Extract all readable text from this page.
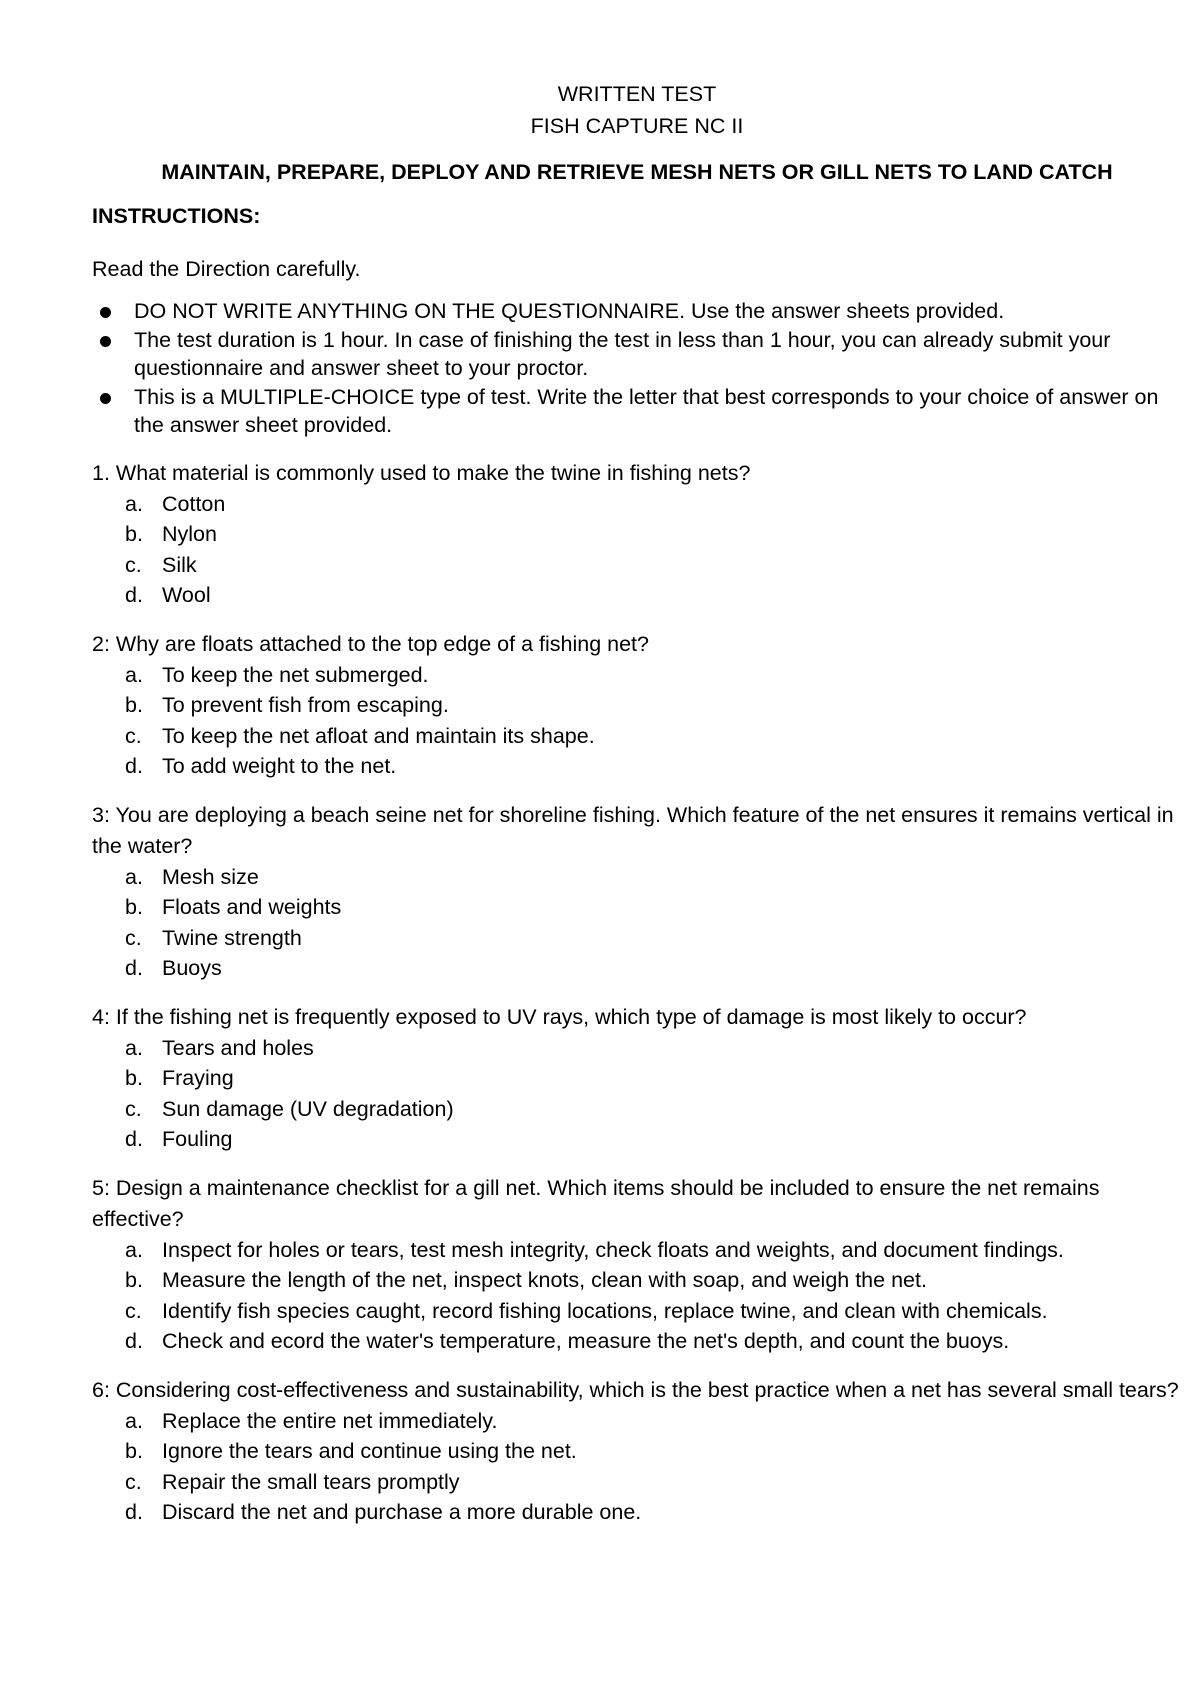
WRITTEN TEST
FISH CAPTURE NC II
MAINTAIN, PREPARE, DEPLOY AND RETRIEVE MESH NETS OR GILL NETS TO LAND CATCH
INSTRUCTIONS:
Read the Direction carefully.
DO NOT WRITE ANYTHING ON THE QUESTIONNAIRE. Use the answer sheets provided.
The test duration is 1 hour. In case of finishing the test in less than 1 hour, you can already submit your questionnaire and answer sheet to your proctor.
This is a MULTIPLE-CHOICE type of test. Write the letter that best corresponds to your choice of answer on the answer sheet provided.
1. What material is commonly used to make the twine in fishing nets?
a. Cotton
b. Nylon
c. Silk
d. Wool
2: Why are floats attached to the top edge of a fishing net?
a. To keep the net submerged.
b. To prevent fish from escaping.
c. To keep the net afloat and maintain its shape.
d. To add weight to the net.
3: You are deploying a beach seine net for shoreline fishing. Which feature of the net ensures it remains vertical in the water?
a. Mesh size
b. Floats and weights
c. Twine strength
d. Buoys
4: If the fishing net is frequently exposed to UV rays, which type of damage is most likely to occur?
a. Tears and holes
b. Fraying
c. Sun damage (UV degradation)
d. Fouling
5: Design a maintenance checklist for a gill net. Which items should be included to ensure the net remains effective?
a. Inspect for holes or tears, test mesh integrity, check floats and weights, and document findings.
b. Measure the length of the net, inspect knots, clean with soap, and weigh the net.
c. Identify fish species caught, record fishing locations, replace twine, and clean with chemicals.
d. Check and ecord the water's temperature, measure the net's depth, and count the buoys.
6: Considering cost-effectiveness and sustainability, which is the best practice when a net has several small tears?
a. Replace the entire net immediately.
b. Ignore the tears and continue using the net.
c. Repair the small tears promptly
d. Discard the net and purchase a more durable one.
